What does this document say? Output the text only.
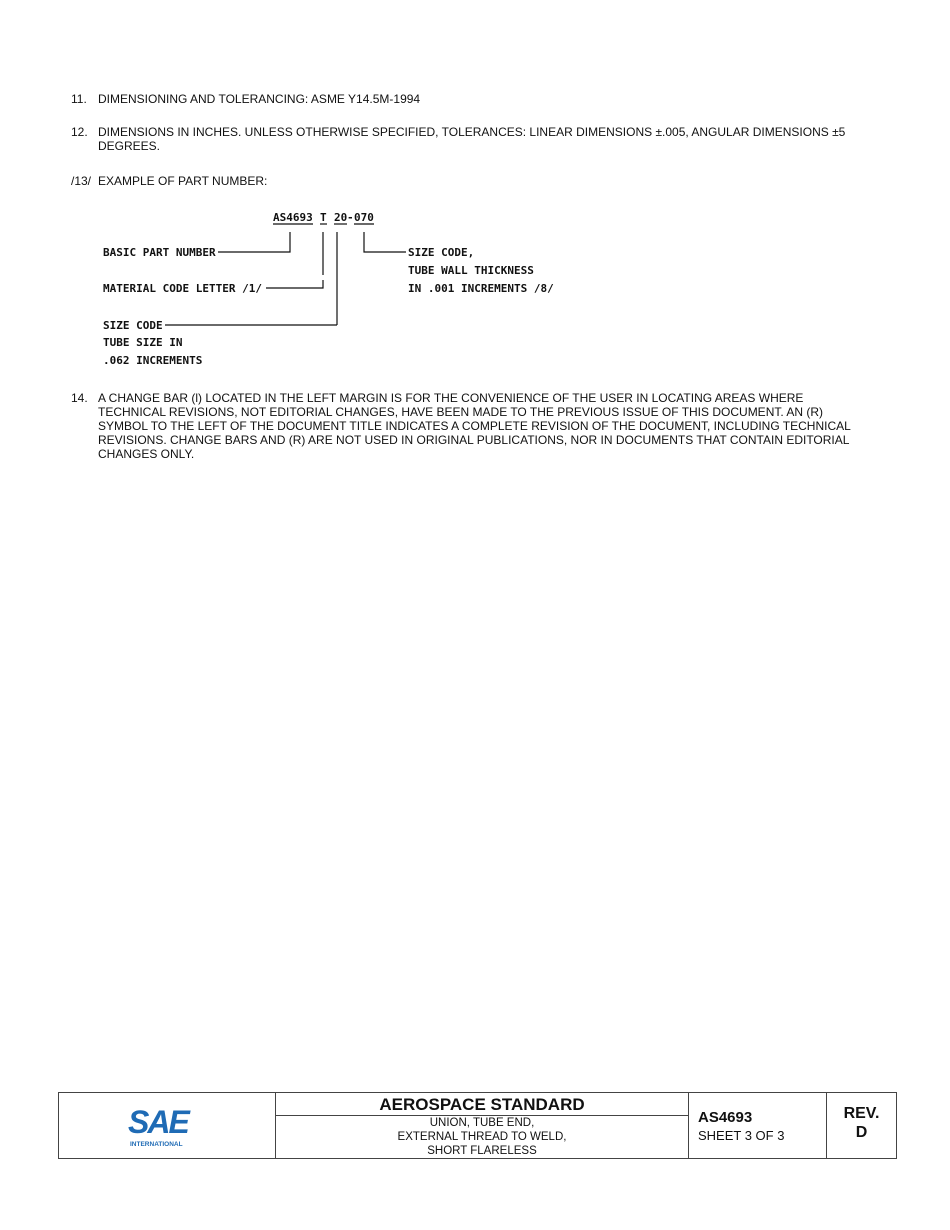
11. DIMENSIONING AND TOLERANCING: ASME Y14.5M-1994
12. DIMENSIONS IN INCHES. UNLESS OTHERWISE SPECIFIED, TOLERANCES: LINEAR DIMENSIONS ±.005, ANGULAR DIMENSIONS ±5 DEGREES.
/13/ EXAMPLE OF PART NUMBER:
AS4693 T 20 - 070
BASIC PART NUMBER
MATERIAL CODE LETTER /1/
SIZE CODE
TUBE SIZE IN
.062 INCREMENTS
SIZE CODE,
TUBE WALL THICKNESS
IN .001 INCREMENTS /8/
14. A CHANGE BAR (l) LOCATED IN THE LEFT MARGIN IS FOR THE CONVENIENCE OF THE USER IN LOCATING AREAS WHERE TECHNICAL REVISIONS, NOT EDITORIAL CHANGES, HAVE BEEN MADE TO THE PREVIOUS ISSUE OF THIS DOCUMENT. AN (R) SYMBOL TO THE LEFT OF THE DOCUMENT TITLE INDICATES A COMPLETE REVISION OF THE DOCUMENT, INCLUDING TECHNICAL REVISIONS. CHANGE BARS AND (R) ARE NOT USED IN ORIGINAL PUBLICATIONS, NOR IN DOCUMENTS THAT CONTAIN EDITORIAL CHANGES ONLY.
SAE
INTERNATIONAL
AEROSPACE STANDARD
UNION, TUBE END,
EXTERNAL THREAD TO WELD,
SHORT FLARELESS
AS4693
SHEET 3 OF 3
REV.
D
